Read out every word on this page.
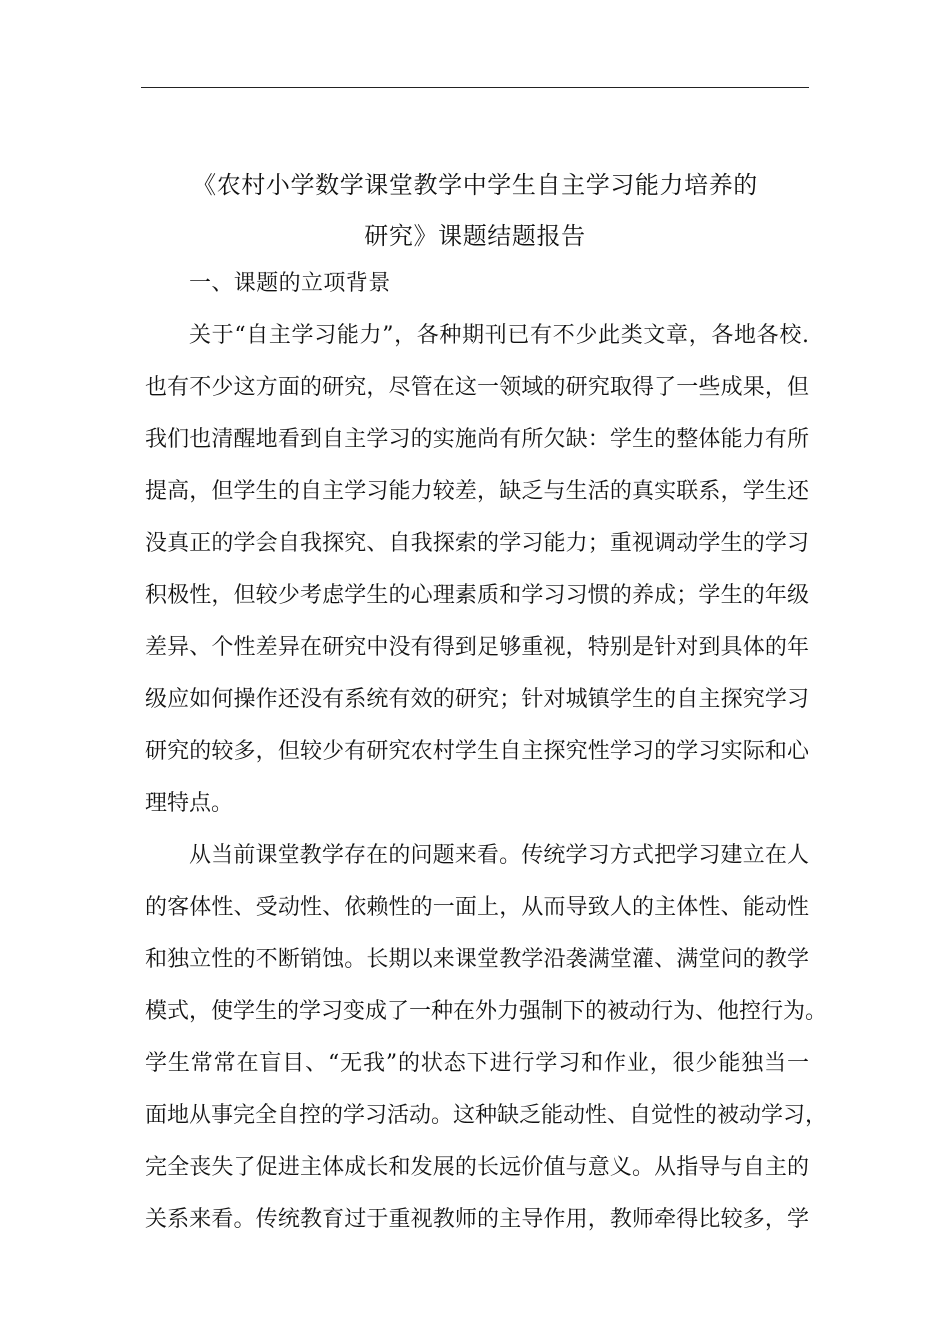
《农村小学数学课堂教学中学生自主学习能力培养的
研究》课题结题报告
一、课题的立项背景
关于“自主学习能力”，各种期刊已有不少此类文章，各地各校.
也有不少这方面的研究，尽管在这一领域的研究取得了一些成果，但
我们也清醒地看到自主学习的实施尚有所欠缺：学生的整体能力有所
提高，但学生的自主学习能力较差，缺乏与生活的真实联系，学生还
没真正的学会自我探究、自我探索的学习能力；重视调动学生的学习
积极性，但较少考虑学生的心理素质和学习习惯的养成；学生的年级
差异、个性差异在研究中没有得到足够重视，特别是针对到具体的年
级应如何操作还没有系统有效的研究；针对城镇学生的自主探究学习
研究的较多，但较少有研究农村学生自主探究性学习的学习实际和心
理特点。
从当前课堂教学存在的问题来看。传统学习方式把学习建立在人
的客体性、受动性、依赖性的一面上，从而导致人的主体性、能动性
和独立性的不断销蚀。长期以来课堂教学沿袭满堂灌、满堂问的教学
模式，使学生的学习变成了一种在外力强制下的被动行为、他控行为。
学生常常在盲目、“无我”的状态下进行学习和作业，很少能独当一
面地从事完全自控的学习活动。这种缺乏能动性、自觉性的被动学习，
完全丧失了促进主体成长和发展的长远价值与意义。从指导与自主的
关系来看。传统教育过于重视教师的主导作用，教师牵得比较多，学
